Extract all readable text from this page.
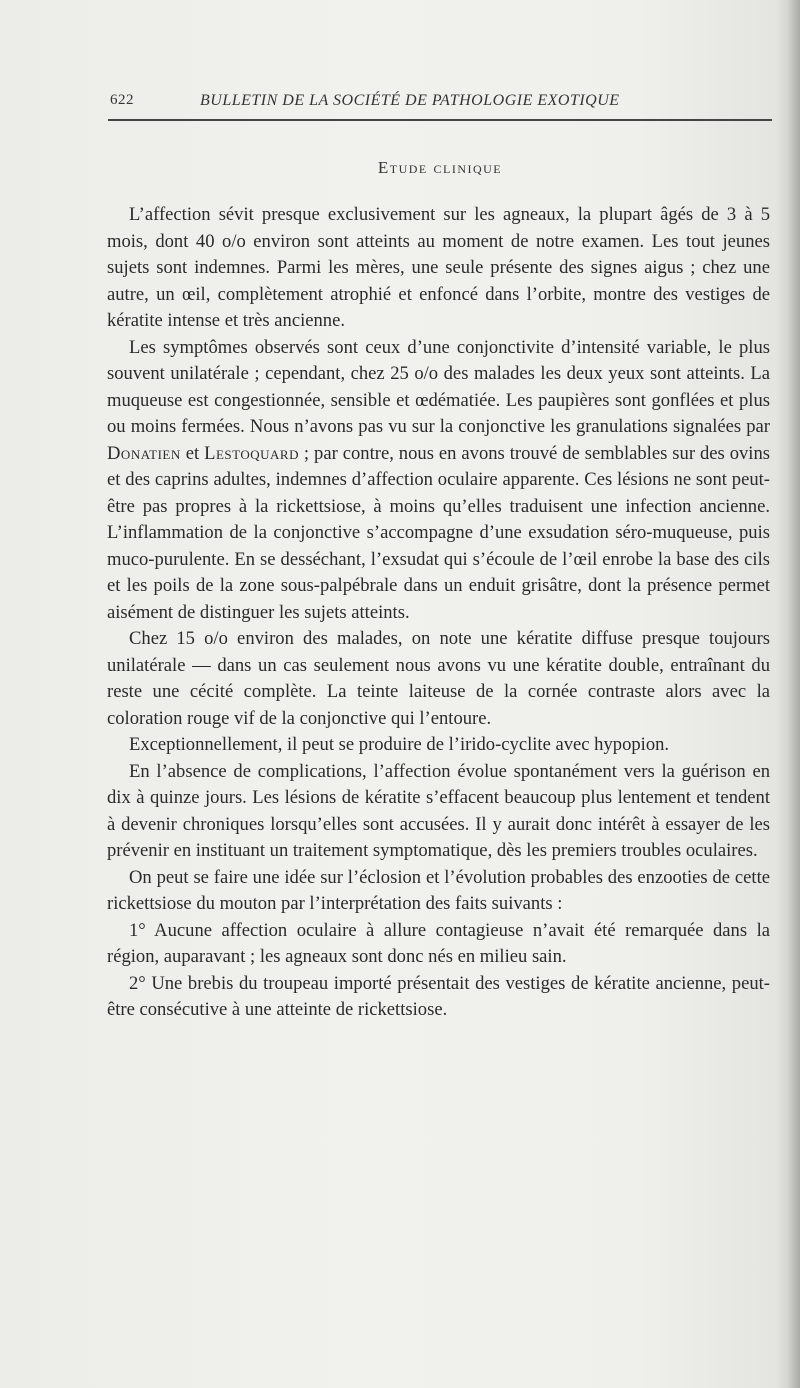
622	BULLETIN DE LA SOCIÉTÉ DE PATHOLOGIE EXOTIQUE
Etude clinique

L’affection sévit presque exclusivement sur les agneaux, la plupart âgés de 3 à 5 mois, dont 40 o/o environ sont atteints au moment de notre examen. Les tout jeunes sujets sont indemnes. Parmi les mères, une seule présente des signes aigus ; chez une autre, un œil, complètement atrophié et enfoncé dans l’orbite, montre des vestiges de kératite intense et très ancienne.

Les symptômes observés sont ceux d’une conjonctivite d’intensité variable, le plus souvent unilatérale ; cependant, chez 25 o/o des malades les deux yeux sont atteints. La muqueuse est congestionnée, sensible et œdématiée. Les paupières sont gonflées et plus ou moins fermées. Nous n’avons pas vu sur la conjonctive les granulations signalées par Donatien et Lestoquard ; par contre, nous en avons trouvé de semblables sur des ovins et des caprins adultes, indemnes d’affection oculaire apparente. Ces lésions ne sont peut-être pas propres à la rickettsiose, à moins qu’elles traduisent une infection ancienne. L’inflammation de la conjonctive s’accompagne d’une exsudation séro-muqueuse, puis muco-purulente. En se desséchant, l’exsudat qui s’écoule de l’œil enrobe la base des cils et les poils de la zone sous-palpébrale dans un enduit grisâtre, dont la présence permet aisément de distinguer les sujets atteints.

Chez 15 o/o environ des malades, on note une kératite diffuse presque toujours unilatérale — dans un cas seulement nous avons vu une kératite double, entraînant du reste une cécité complète. La teinte laiteuse de la cornée contraste alors avec la coloration rouge vif de la conjonctive qui l’entoure.

Exceptionnellement, il peut se produire de l’irido-cyclite avec hypopion.

En l’absence de complications, l’affection évolue spontanément vers la guérison en dix à quinze jours. Les lésions de kératite s’effacent beaucoup plus lentement et tendent à devenir chroniques lorsqu’elles sont accusées. Il y aurait donc intérêt à essayer de les prévenir en instituant un traitement symptomatique, dès les premiers troubles oculaires.

On peut se faire une idée sur l’éclosion et l’évolution probables des enzooties de cette rickettsiose du mouton par l’interprétation des faits suivants :

1° Aucune affection oculaire à allure contagieuse n’avait été remarquée dans la région, auparavant ; les agneaux sont donc nés en milieu sain.

2° Une brebis du troupeau importé présentait des vestiges de kératite ancienne, peut-être consécutive à une atteinte de rickettsiose.
